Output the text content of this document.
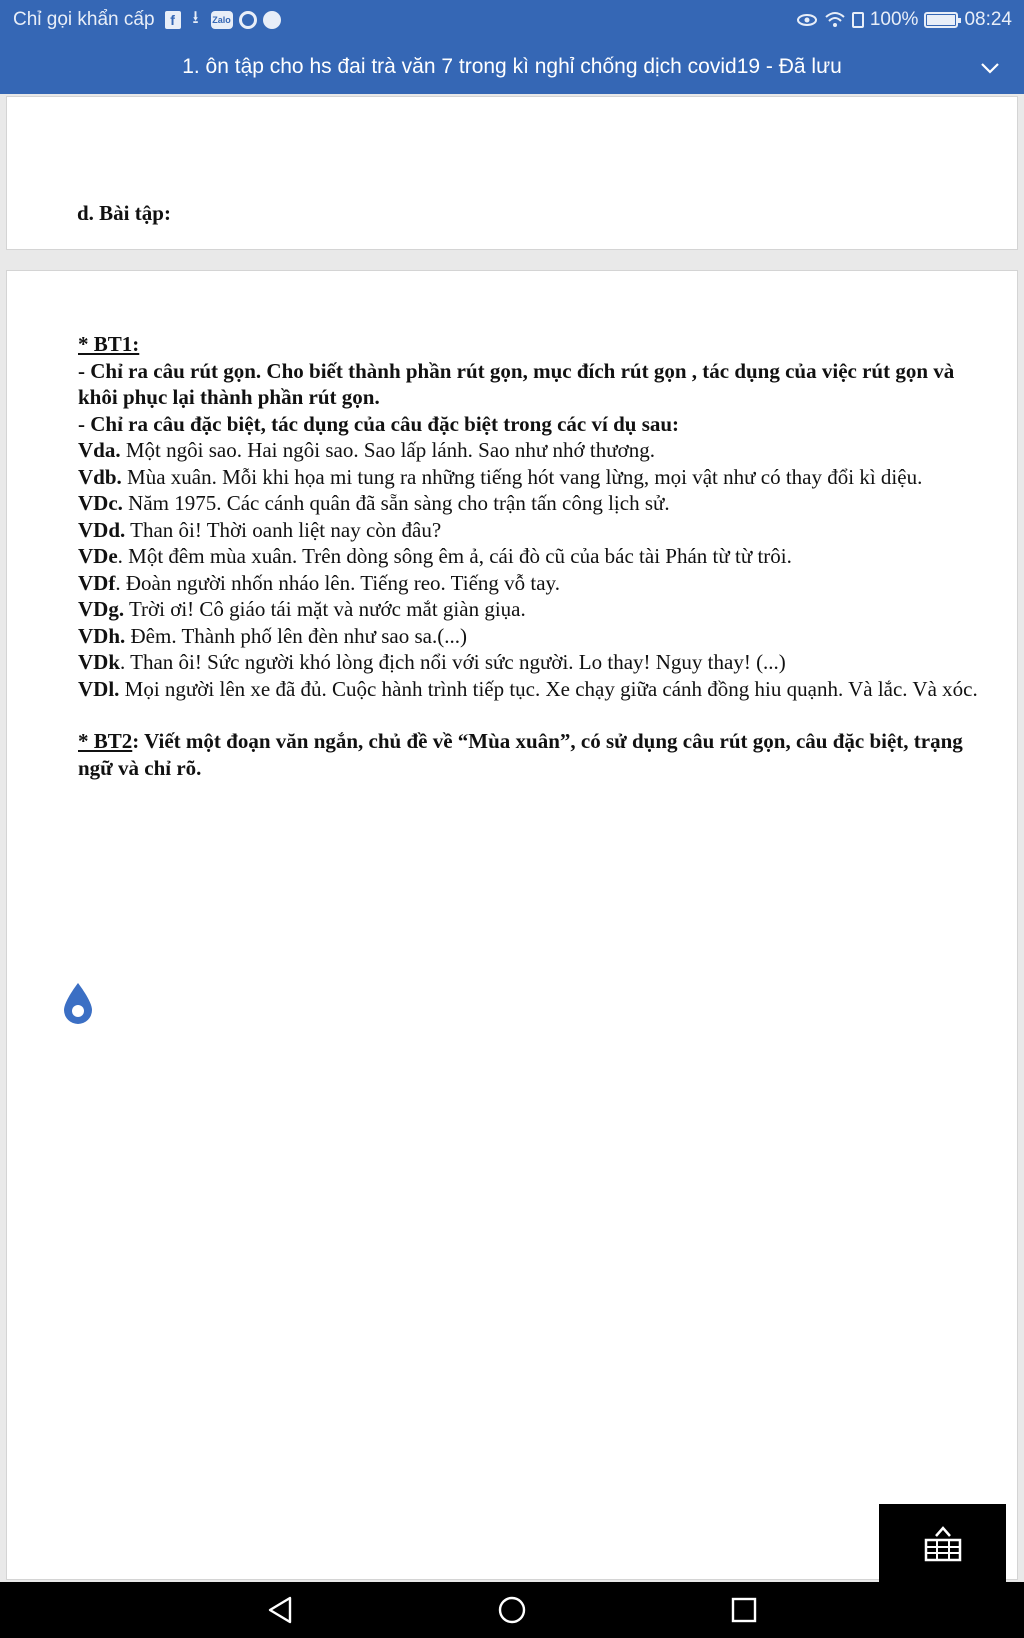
Chỉ gọi khẩn cấp	f ⭳	Zalo	100% 08:24
1. ôn tập cho hs đai trà văn 7 trong kì nghỉ chống dịch covid19 - Đã lưu
d. Bài tập:

* BT1:

- Chỉ ra câu rút gọn. Cho biết thành phần rút gọn, mục đích rút gọn , tác dụng của việc rút gọn và khôi phục lại thành phần rút gọn.

- Chỉ ra câu đặc biệt, tác dụng của câu đặc biệt trong các ví dụ sau:

Vda. Một ngôi sao. Hai ngôi sao. Sao lấp lánh. Sao như nhớ thương.

Vdb. Mùa xuân. Mỗi khi họa mi tung ra những tiếng hót vang lừng, mọi vật như có thay đổi kì diệu.

VDc. Năm 1975. Các cánh quân đã sẵn sàng cho trận tấn công lịch sử.

VDd. Than ôi! Thời oanh liệt nay còn đâu?

VDe. Một đêm mùa xuân. Trên dòng sông êm ả, cái đò cũ của bác tài Phán từ từ trôi.

VDf. Đoàn người nhốn nháo lên. Tiếng reo. Tiếng vỗ tay.

VDg. Trời ơi! Cô giáo tái mặt và nước mắt giàn giụa.

VDh. Đêm. Thành phố lên đèn như sao sa.(...)

VDk. Than ôi! Sức người khó lòng địch nổi với sức người. Lo thay! Nguy thay! (...)

VDl. Mọi người lên xe đã đủ. Cuộc hành trình tiếp tục. Xe chạy giữa cánh đồng hiu quạnh. Và lắc. Và xóc.

* BT2: Viết một đoạn văn ngắn, chủ đề về “Mùa xuân”, có sử dụng câu rút gọn, câu đặc biệt, trạng ngữ và chỉ rõ.
